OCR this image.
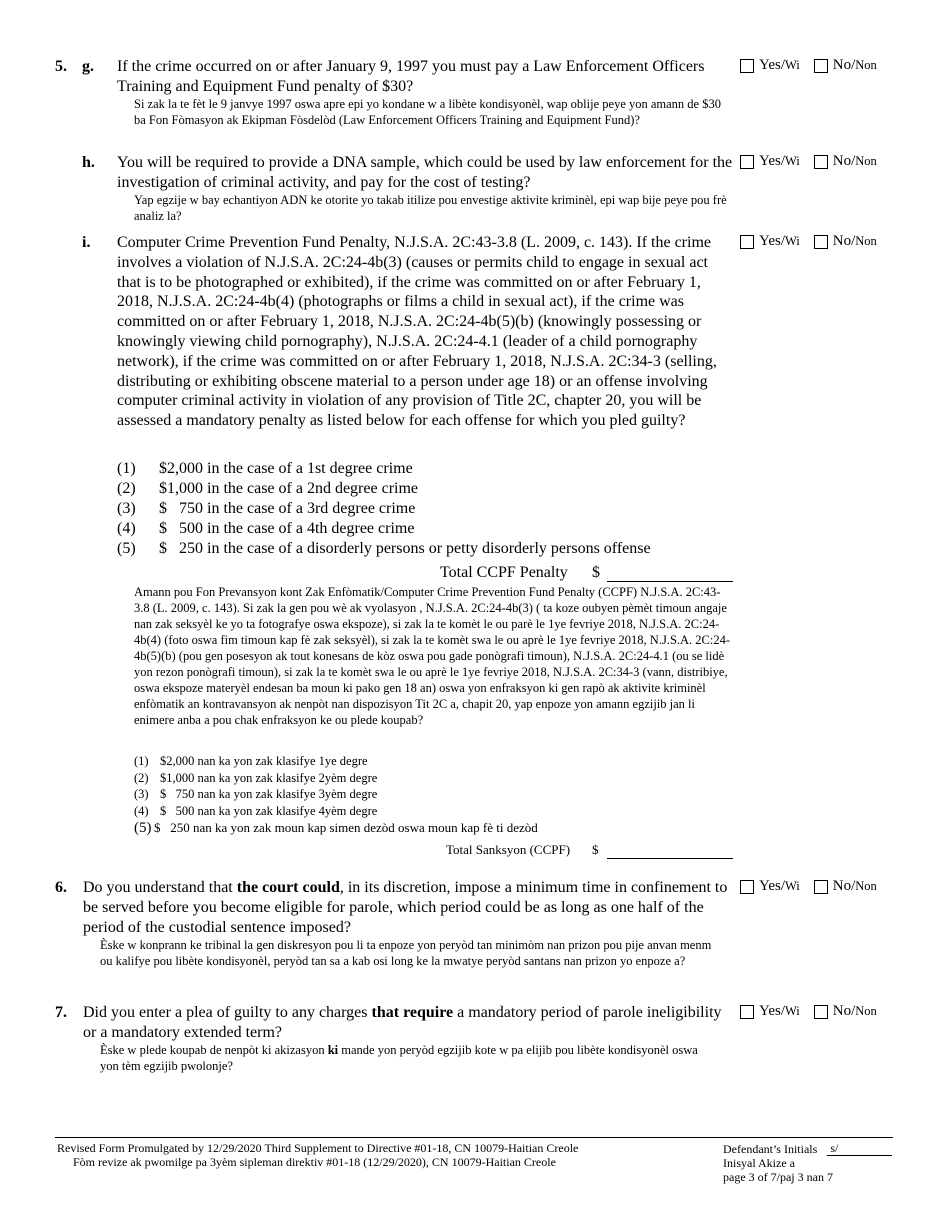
5. g. If the crime occurred on or after January 9, 1997 you must pay a Law Enforcement Officers Training and Equipment Fund penalty of $30?
Si zak la te fèt le 9 janvye 1997 oswa apre epi yo kondane w a libète kondisyonèl, wap oblije peye yon amann de $30 ba Fon Fòmasyon ak Ekipman Fòsdelòd (Law Enforcement Officers Training and Equipment Fund)?
Yes/ Wi No/ Non
h. You will be required to provide a DNA sample, which could be used by law enforcement for the investigation of criminal activity, and pay for the cost of testing?
Yap egzije w bay echantiyon ADN ke otorite yo takab itilize pou envestige aktivite kriminèl, epi wap bije peye pou frè analiz la?
Yes/ Wi No/ Non
i. Computer Crime Prevention Fund Penalty, N.J.S.A. 2C:43-3.8 (L. 2009, c. 143). If the crime involves a violation of N.J.S.A. 2C:24-4b(3) (causes or permits child to engage in sexual act that is to be photographed or exhibited), if the crime was committed on or after February 1, 2018, N.J.S.A. 2C:24-4b(4) (photographs or films a child in sexual act), if the crime was committed on or after February 1, 2018, N.J.S.A. 2C:24-4b(5)(b) (knowingly possessing or knowingly viewing child pornography), N.J.S.A. 2C:24-4.1 (leader of a child pornography network), if the crime was committed on or after February 1, 2018, N.J.S.A. 2C:34-3 (selling, distributing or exhibiting obscene material to a person under age 18) or an offense involving computer criminal activity in violation of any provision of Title 2C, chapter 20, you will be assessed a mandatory penalty as listed below for each offense for which you pled guilty?
Yes/ Wi No/ Non
(1) $2,000 in the case of a 1st degree crime
(2) $1,000 in the case of a 2nd degree crime
(3) $   750 in the case of a 3rd degree crime
(4) $   500 in the case of a 4th degree crime
(5) $   250 in the case of a disorderly persons or petty disorderly persons offense
Total CCPF Penalty $
Amann pou Fon Prevansyon kont Zak Enfòmatik/Computer Crime Prevention Fund Penalty (CCPF) N.J.S.A. 2C:43-3.8 (L. 2009, c. 143). Si zak la gen pou wè ak vyolasyon , N.J.S.A. 2C:24-4b(3) ( ta koze oubyen pèmèt timoun angaje nan zak seksyèl ke yo ta fotografye oswa ekspoze), si zak la te komèt le ou parè le 1ye fevriye 2018, N.J.S.A. 2C:24-4b(4) (foto oswa fim timoun kap fè zak seksyèl), si zak la te komèt swa le ou aprè le 1ye fevriye 2018, N.J.S.A. 2C:24-4b(5)(b) (pou gen posesyon ak tout konesans de kòz oswa pou gade ponògrafi timoun), N.J.S.A. 2C:24-4.1 (ou se lidè yon rezon ponògrafi timoun), si zak la te komèt swa le ou aprè le 1ye fevriye 2018, N.J.S.A. 2C:34-3 (vann, distribiye, oswa ekspoze materyèl endesan ba moun ki pako gen 18 an) oswa yon enfraksyon ki gen rapò ak aktivite kriminèl enfòmatik an kontravansyon ak nenpòt nan dispozisyon Tit 2C a, chapit 20, yap enpoze yon amann egzijib jan li enimere anba a pou chak enfraksyon ke ou plede koupab?
(1) $2,000 nan ka yon zak klasifye 1ye degre
(2) $1,000 nan ka yon zak klasifye 2yèm degre
(3) $   750 nan ka yon zak klasifye 3yèm degre
(4) $   500 nan ka yon zak klasifye 4yèm degre
(5) $   250 nan ka yon zak moun kap simen dezòd oswa moun kap fè ti dezòd
Total Sanksyon (CCPF) $
6. Do you understand that the court could, in its discretion, impose a minimum time in confinement to be served before you become eligible for parole, which period could be as long as one half of the period of the custodial sentence imposed?
Èske w konprann ke tribinal la gen diskresyon pou li ta enpoze yon peryòd tan minimòm nan prizon pou pije anvan menm ou kalifye pou libète kondisyonèl, peryòd tan sa a kab osi long ke la mwatye peryòd santans nan prizon yo enpoze a?
Yes/ Wi No/ Non
7. Did you enter a plea of guilty to any charges that require a mandatory period of parole ineligibility or a mandatory extended term?
Èske w plede koupab de nenpòt ki akizasyon ki mande yon peryòd egzijib kote w pa elijib pou libète kondisyonèl oswa yon tèm egzijib pwolonje?
Yes/ Wi No/ Non
Revised Form Promulgated by 12/29/2020 Third Supplement to Directive #01-18, CN 10079-Haitian Creole
Fòm revize ak pwomilge pa 3yèm sipleman direktiv #01-18 (12/29/2020), CN 10079-Haitian Creole
Defendant’s Initials s/
Inisyal Akize a
page 3 of 7/paj 3 nan 7
